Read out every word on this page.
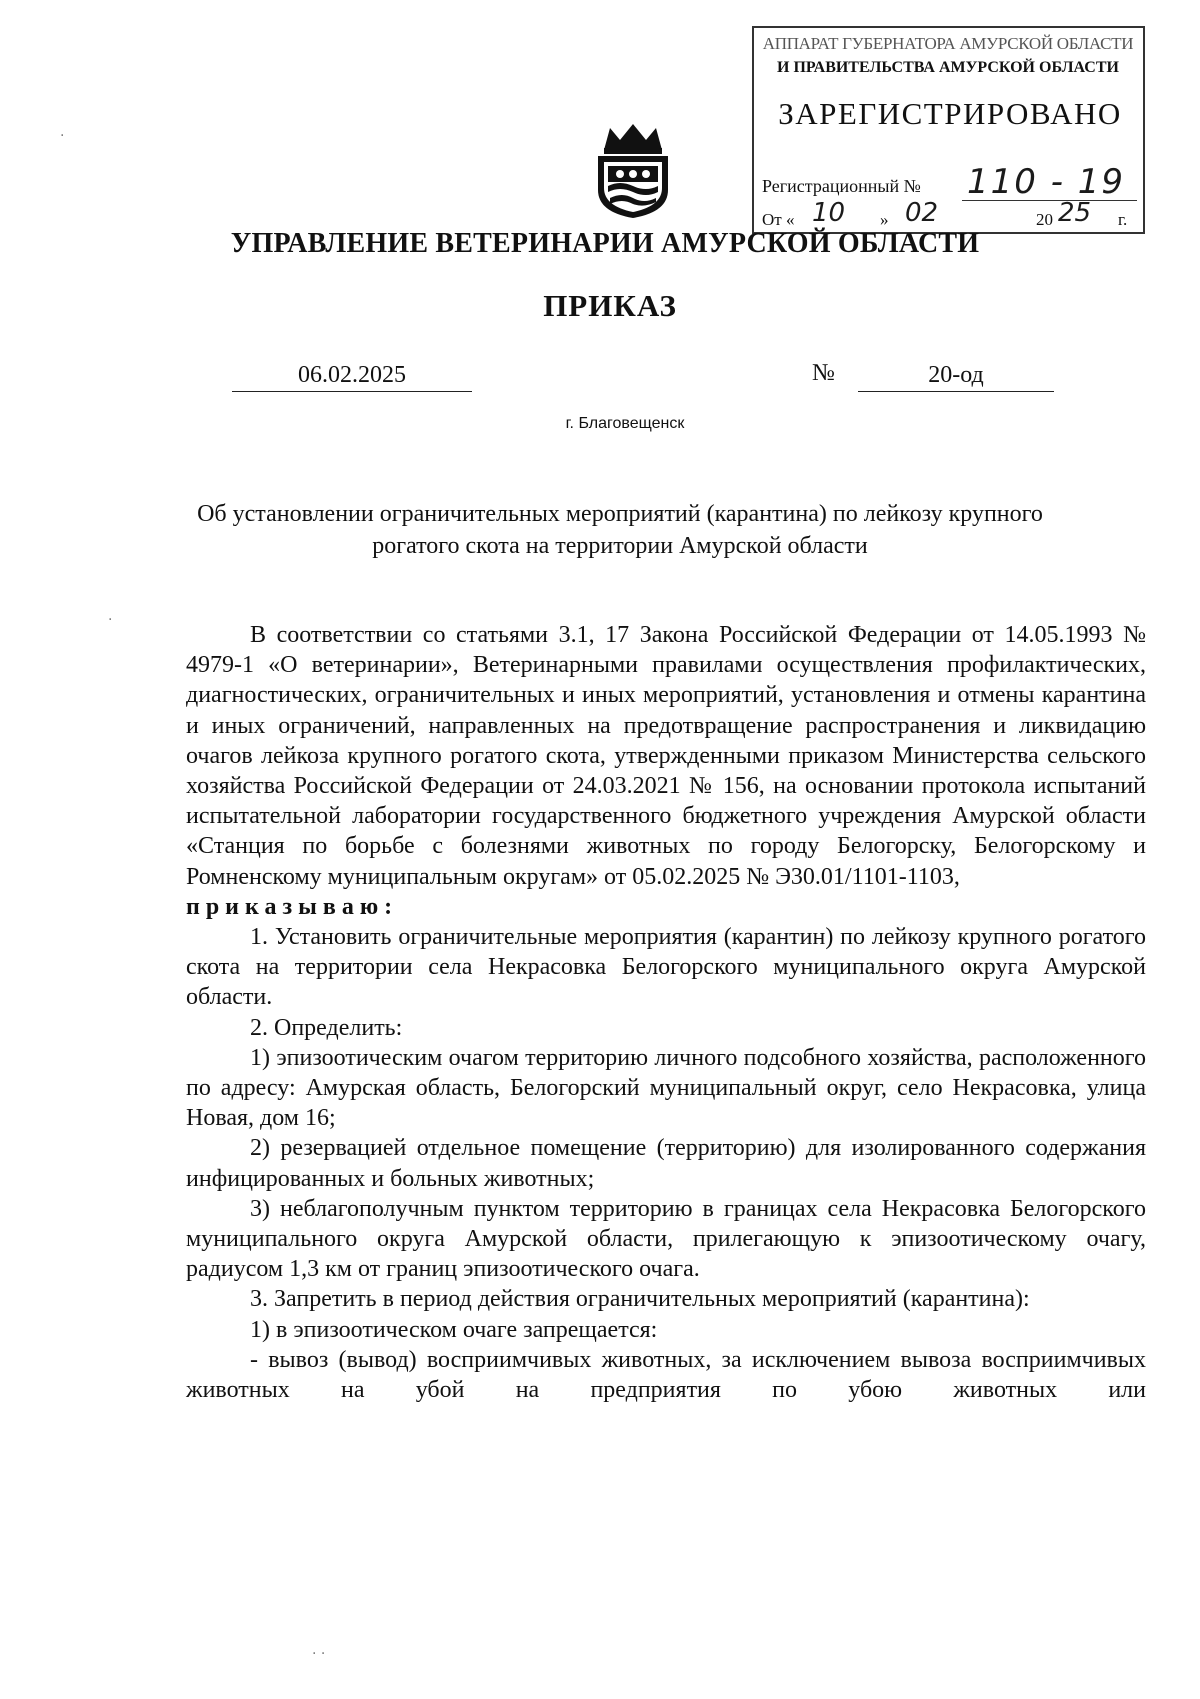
АППАРАТ ГУБЕРНАТОРА АМУРСКОЙ ОБЛАСТИ
И ПРАВИТЕЛЬСТВА АМУРСКОЙ ОБЛАСТИ
ЗАРЕГИСТРИРОВАНО
Регистрационный № 110 - 19
От « 10 » 02	20 25 г.
УПРАВЛЕНИЕ ВЕТЕРИНАРИИ АМУРСКОЙ ОБЛАСТИ
ПРИКАЗ
06.02.2025	№	20-од
г. Благовещенск
Об установлении ограничительных мероприятий (карантина) по лейкозу крупного рогатого скота на территории Амурской области

В соответствии со статьями 3.1, 17 Закона Российской Федерации от 14.05.1993 № 4979-1 «О ветеринарии», Ветеринарными правилами осуществления профилактических, диагностических, ограничительных и иных мероприятий, установления и отмены карантина и иных ограничений, направленных на предотвращение распространения и ликвидацию очагов лейкоза крупного рогатого скота, утвержденными приказом Министерства сельского хозяйства Российской Федерации от 24.03.2021 № 156, на основании протокола испытаний испытательной лаборатории государственного бюджетного учреждения Амурской области «Станция по борьбе с болезнями животных по городу Белогорску, Белогорскому и Ромненскому муниципальным округам» от 05.02.2025 № Э30.01/1101-1103,

приказываю:

1. Установить ограничительные мероприятия (карантин) по лейкозу крупного рогатого скота на территории села Некрасовка Белогорского муниципального округа Амурской области.

2. Определить:

1) эпизоотическим очагом территорию личного подсобного хозяйства, расположенного по адресу: Амурская область, Белогорский муниципальный округ, село Некрасовка, улица Новая, дом 16;

2) резервацией отдельное помещение (территорию) для изолированного содержания инфицированных и больных животных;

3) неблагополучным пунктом территорию в границах села Некрасовка Белогорского муниципального округа Амурской области, прилегающую к эпизоотическому очагу, радиусом 1,3 км от границ эпизоотического очага.

3. Запретить в период действия ограничительных мероприятий (карантина):

1) в эпизоотическом очаге запрещается:

- вывоз (вывод) восприимчивых животных, за исключением вывоза восприимчивых животных на убой на предприятия по убою животных или

·
·
· ·
